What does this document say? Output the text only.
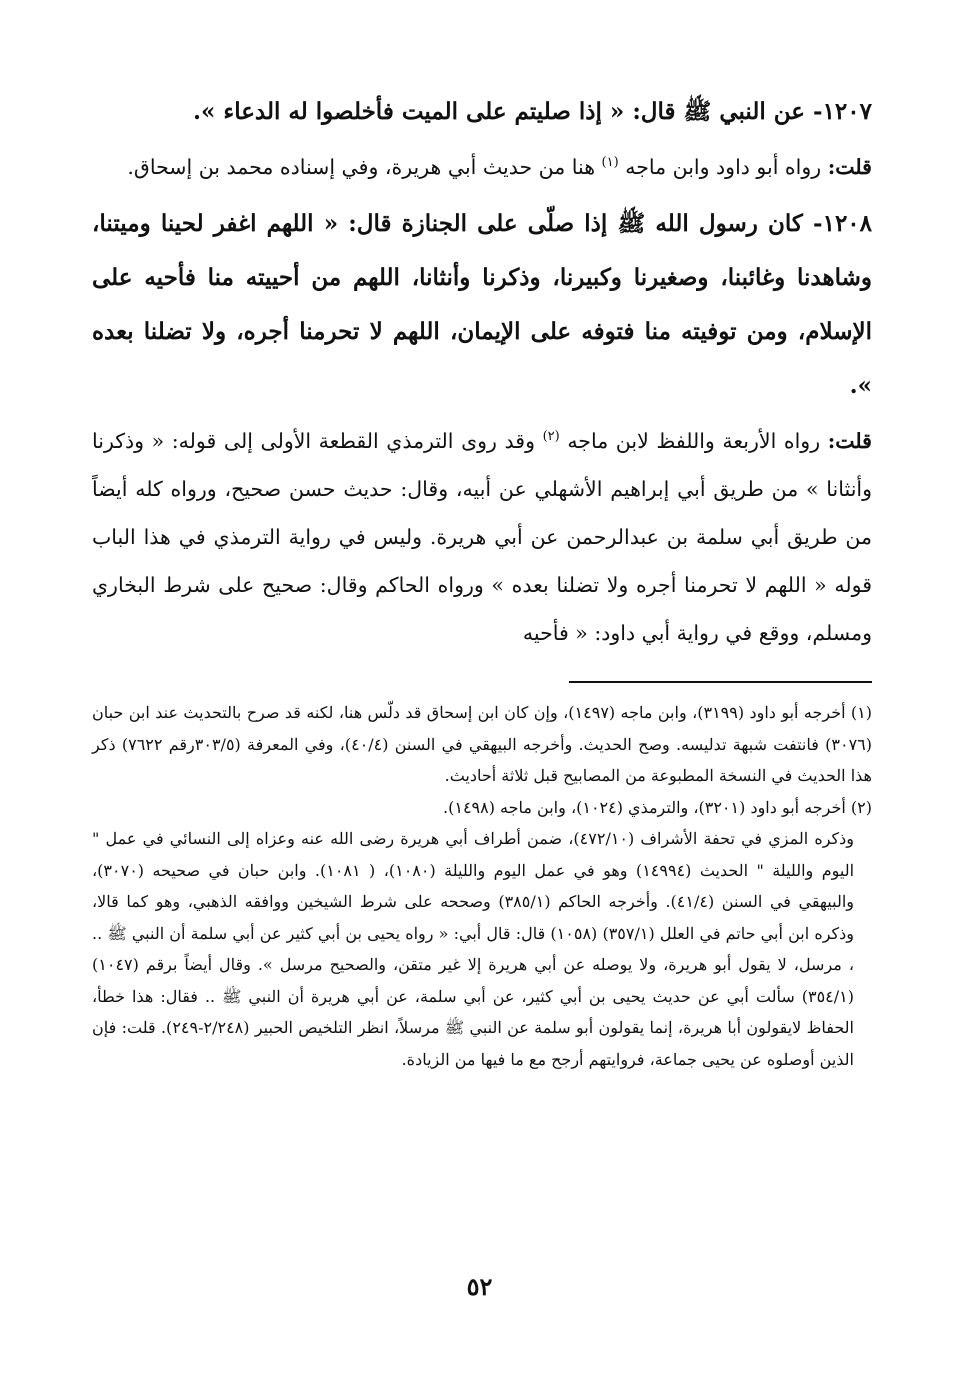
١٢٠٧- عن النبي ﷺ قال: « إذا صليتم على الميت فأخلصوا له الدعاء ».

قلت: رواه أبو داود وابن ماجه $^{(١)}$ هنا من حديث أبي هريرة، وفي إسناده محمد بن إسحاق.

١٢٠٨- كان رسول الله ﷺ إذا صلّى على الجنازة قال: « اللهم اغفر لحينا وميتنا، وشاهدنا وغائبنا، وصغيرنا وكبيرنا، وذكرنا وأنثانا، اللهم من أحييته منا فأحيه على الإسلام، ومن توفيته منا فتوفه على الإيمان، اللهم لا تحرمنا أجره، ولا تضلنا بعده ».

قلت: رواه الأربعة واللفظ لابن ماجه $^{(٢)}$ وقد روى الترمذي القطعة الأولى إلى قوله: « وذكرنا وأنثانا » من طريق أبي إبراهيم الأشهلي عن أبيه، وقال: حديث حسن صحيح، ورواه كله أيضاً من طريق أبي سلمة بن عبدالرحمن عن أبي هريرة. وليس في رواية الترمذي في هذا الباب قوله « اللهم لا تحرمنا أجره ولا تضلنا بعده » ورواه الحاكم وقال: صحيح على شرط البخاري ومسلم، ووقع في رواية أبي داود: « فأحيه

(١) أخرجه أبو داود (٣١٩٩)، وابن ماجه (١٤٩٧)، وإن كان ابن إسحاق قد دلّس هنا، لكنه قد صرح بالتحديث عند ابن حبان (٣٠٧٦) فانتفت شبهة تدليسه. وصح الحديث. وأخرجه البيهقي في السنن (٤٠/٤)، وفي المعرفة (٣٠٣/٥رقم ٧٦٢٢) ذكر هذا الحديث في النسخة المطبوعة من المصابيح قبل ثلاثة أحاديث.

(٢) أخرجه أبو داود (٣٢٠١)، والترمذي (١٠٢٤)، وابن ماجه (١٤٩٨).

وذكره المزي في تحفة الأشراف (٤٧٢/١٠)، ضمن أطراف أبي هريرة رضى الله عنه وعزاه إلى النسائي في عمل " اليوم والليلة " الحديث (١٤٩٩٤) وهو في عمل اليوم والليلة (١٠٨٠)، ( ١٠٨١). وابن حبان في صحيحه (٣٠٧٠)، والبيهقي في السنن (٤١/٤). وأخرجه الحاكم (٣٨٥/١) وصححه على شرط الشيخين ووافقه الذهبي، وهو كما قالا، وذكره ابن أبي حاتم في العلل (٣٥٧/١) (١٠٥٨) قال: قال أبي: « رواه يحيى بن أبي كثير عن أبي سلمة أن النبي ﷺ .. ، مرسل، لا يقول أبو هريرة، ولا يوصله عن أبي هريرة إلا غير متقن، والصحيح مرسل ». وقال أيضاً برقم (١٠٤٧) (٣٥٤/١) سألت أبي عن حديث يحيى بن أبي كثير، عن أبي سلمة، عن أبي هريرة أن النبي ﷺ .. فقال: هذا خطأ، الحفاظ لايقولون أبا هريرة، إنما يقولون أبو سلمة عن النبي ﷺ مرسلاً، انظر التلخيص الحبير (٢/٢٤٨-٢٤٩). قلت: فإن الذين أوصلوه عن يحيى جماعة، فروايتهم أرجح مع ما فيها من الزيادة.

٥٢
